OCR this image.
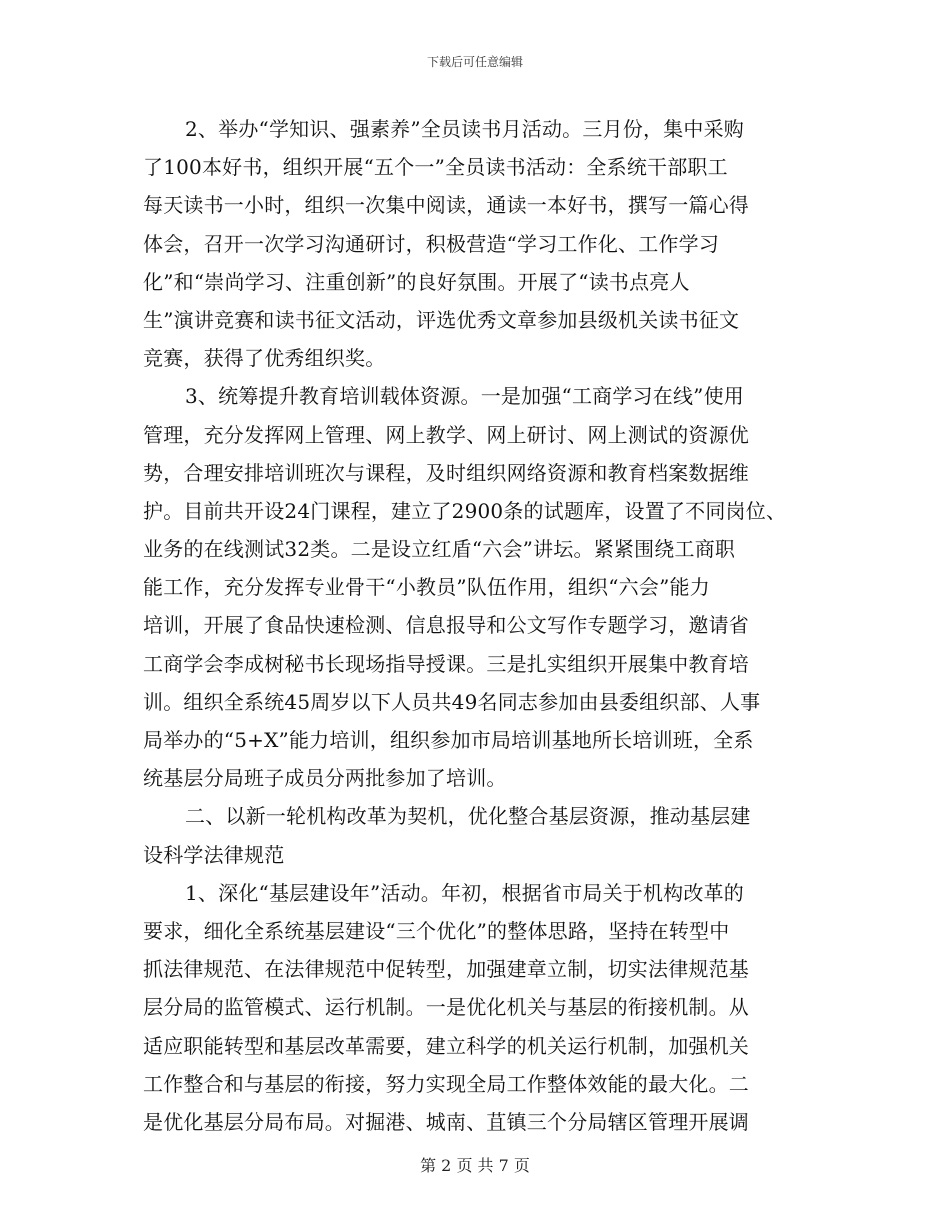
下载后可任意编辑
2、举办“学知识、强素养”全员读书月活动。三月份，集中采购
了100本好书，组织开展“五个一”全员读书活动：全系统干部职工
每天读书一小时，组织一次集中阅读，通读一本好书，撰写一篇心得
体会，召开一次学习沟通研讨，积极营造“学习工作化、工作学习
化”和“崇尚学习、注重创新”的良好氛围。开展了“读书点亮人
生”演讲竞赛和读书征文活动，评选优秀文章参加县级机关读书征文
竞赛，获得了优秀组织奖。
3、统筹提升教育培训载体资源。一是加强“工商学习在线”使用
管理，充分发挥网上管理、网上教学、网上研讨、网上测试的资源优
势，合理安排培训班次与课程，及时组织网络资源和教育档案数据维
护。目前共开设24门课程，建立了2900条的试题库，设置了不同岗位、
业务的在线测试32类。二是设立红盾“六会”讲坛。紧紧围绕工商职
能工作，充分发挥专业骨干“小教员”队伍作用，组织“六会”能力
培训，开展了食品快速检测、信息报导和公文写作专题学习，邀请省
工商学会李成树秘书长现场指导授课。三是扎实组织开展集中教育培
训。组织全系统45周岁以下人员共49名同志参加由县委组织部、人事
局举办的“5+X”能力培训，组织参加市局培训基地所长培训班，全系
统基层分局班子成员分两批参加了培训。
二、以新一轮机构改革为契机，优化整合基层资源，推动基层建
设科学法律规范
1、深化“基层建设年”活动。年初，根据省市局关于机构改革的
要求，细化全系统基层建设“三个优化”的整体思路，坚持在转型中
抓法律规范、在法律规范中促转型，加强建章立制，切实法律规范基
层分局的监管模式、运行机制。一是优化机关与基层的衔接机制。从
适应职能转型和基层改革需要，建立科学的机关运行机制，加强机关
工作整合和与基层的衔接，努力实现全局工作整体效能的最大化。二
是优化基层分局布局。对掘港、城南、苴镇三个分局辖区管理开展调
第 2 页 共 7 页
